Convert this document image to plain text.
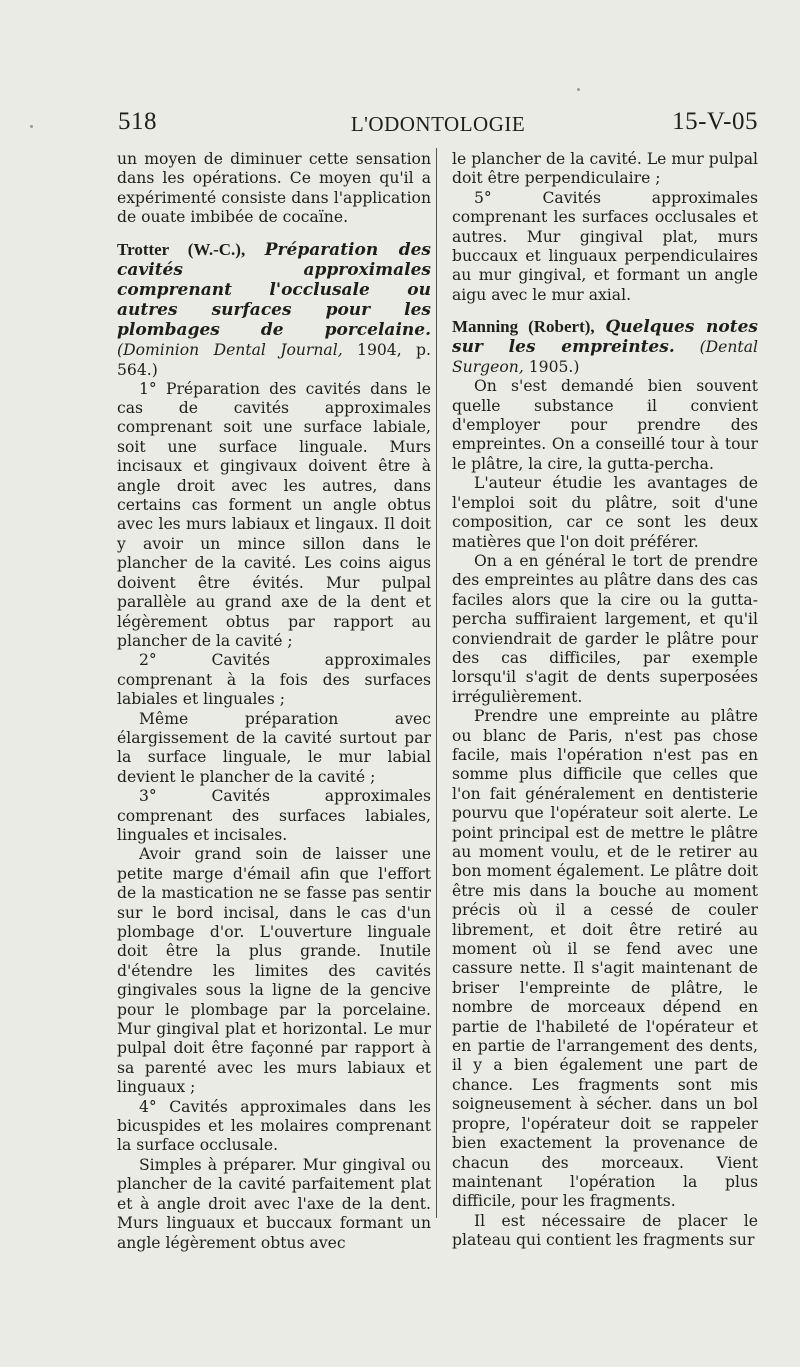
518	L'ODONTOLOGIE	15-V-05

un moyen de diminuer cette sensation dans les opérations. Ce moyen qu'il a expérimenté consiste dans l'application de ouate imbibée de cocaïne.

Trotter (W.-C.), Préparation des cavités approximales comprenant l'occlusale ou autres surfaces pour les plombages de porcelaine. (Dominion Dental Journal, 1904, p. 564.)

1° Préparation des cavités dans le cas de cavités approximales comprenant soit une surface labiale, soit une surface linguale. Murs incisaux et gingivaux doivent être à angle droit avec les autres, dans certains cas forment un angle obtus avec les murs labiaux et lingaux. Il doit y avoir un mince sillon dans le plancher de la cavité. Les coins aigus doivent être évités. Mur pulpal parallèle au grand axe de la dent et légèrement obtus par rapport au plancher de la cavité ;

2° Cavités approximales comprenant à la fois des surfaces labiales et linguales ;

Même préparation avec élargissement de la cavité surtout par la surface linguale, le mur labial devient le plancher de la cavité ;

3° Cavités approximales comprenant des surfaces labiales, linguales et incisales.

Avoir grand soin de laisser une petite marge d'émail afin que l'effort de la mastication ne se fasse pas sentir sur le bord incisal, dans le cas d'un plombage d'or. L'ouverture linguale doit être la plus grande. Inutile d'étendre les limites des cavités gingivales sous la ligne de la gencive pour le plombage par la porcelaine. Mur gingival plat et horizontal. Le mur pulpal doit être façonné par rapport à sa parenté avec les murs labiaux et linguaux ;

4° Cavités approximales dans les bicuspides et les molaires comprenant la surface occlusale.

Simples à préparer. Mur gingival ou plancher de la cavité parfaitement plat et à angle droit avec l'axe de la dent. Murs linguaux et buccaux formant un angle légèrement obtus avec

le plancher de la cavité. Le mur pulpal doit être perpendiculaire ;

5° Cavités approximales comprenant les surfaces occlusales et autres. Mur gingival plat, murs buccaux et linguaux perpendiculaires au mur gingival, et formant un angle aigu avec le mur axial.

Manning (Robert), Quelques notes sur les empreintes. (Dental Surgeon, 1905.)

On s'est demandé bien souvent quelle substance il convient d'employer pour prendre des empreintes. On a conseillé tour à tour le plâtre, la cire, la gutta-percha.

L'auteur étudie les avantages de l'emploi soit du plâtre, soit d'une composition, car ce sont les deux matières que l'on doit préférer.

On a en général le tort de prendre des empreintes au plâtre dans des cas faciles alors que la cire ou la gutta-percha suffiraient largement, et qu'il conviendrait de garder le plâtre pour des cas difficiles, par exemple lorsqu'il s'agit de dents superposées irrégulièrement.

Prendre une empreinte au plâtre ou blanc de Paris, n'est pas chose facile, mais l'opération n'est pas en somme plus difficile que celles que l'on fait généralement en dentisterie pourvu que l'opérateur soit alerte. Le point principal est de mettre le plâtre au moment voulu, et de le retirer au bon moment également. Le plâtre doit être mis dans la bouche au moment précis où il a cessé de couler librement, et doit être retiré au moment où il se fend avec une cassure nette. Il s'agit maintenant de briser l'empreinte de plâtre, le nombre de morceaux dépend en partie de l'habileté de l'opérateur et en partie de l'arrangement des dents, il y a bien également une part de chance. Les fragments sont mis soigneusement à sécher. dans un bol propre, l'opérateur doit se rappeler bien exactement la provenance de chacun des morceaux. Vient maintenant l'opération la plus difficile, pour les fragments.

Il est nécessaire de placer le plateau qui contient les fragments sur
